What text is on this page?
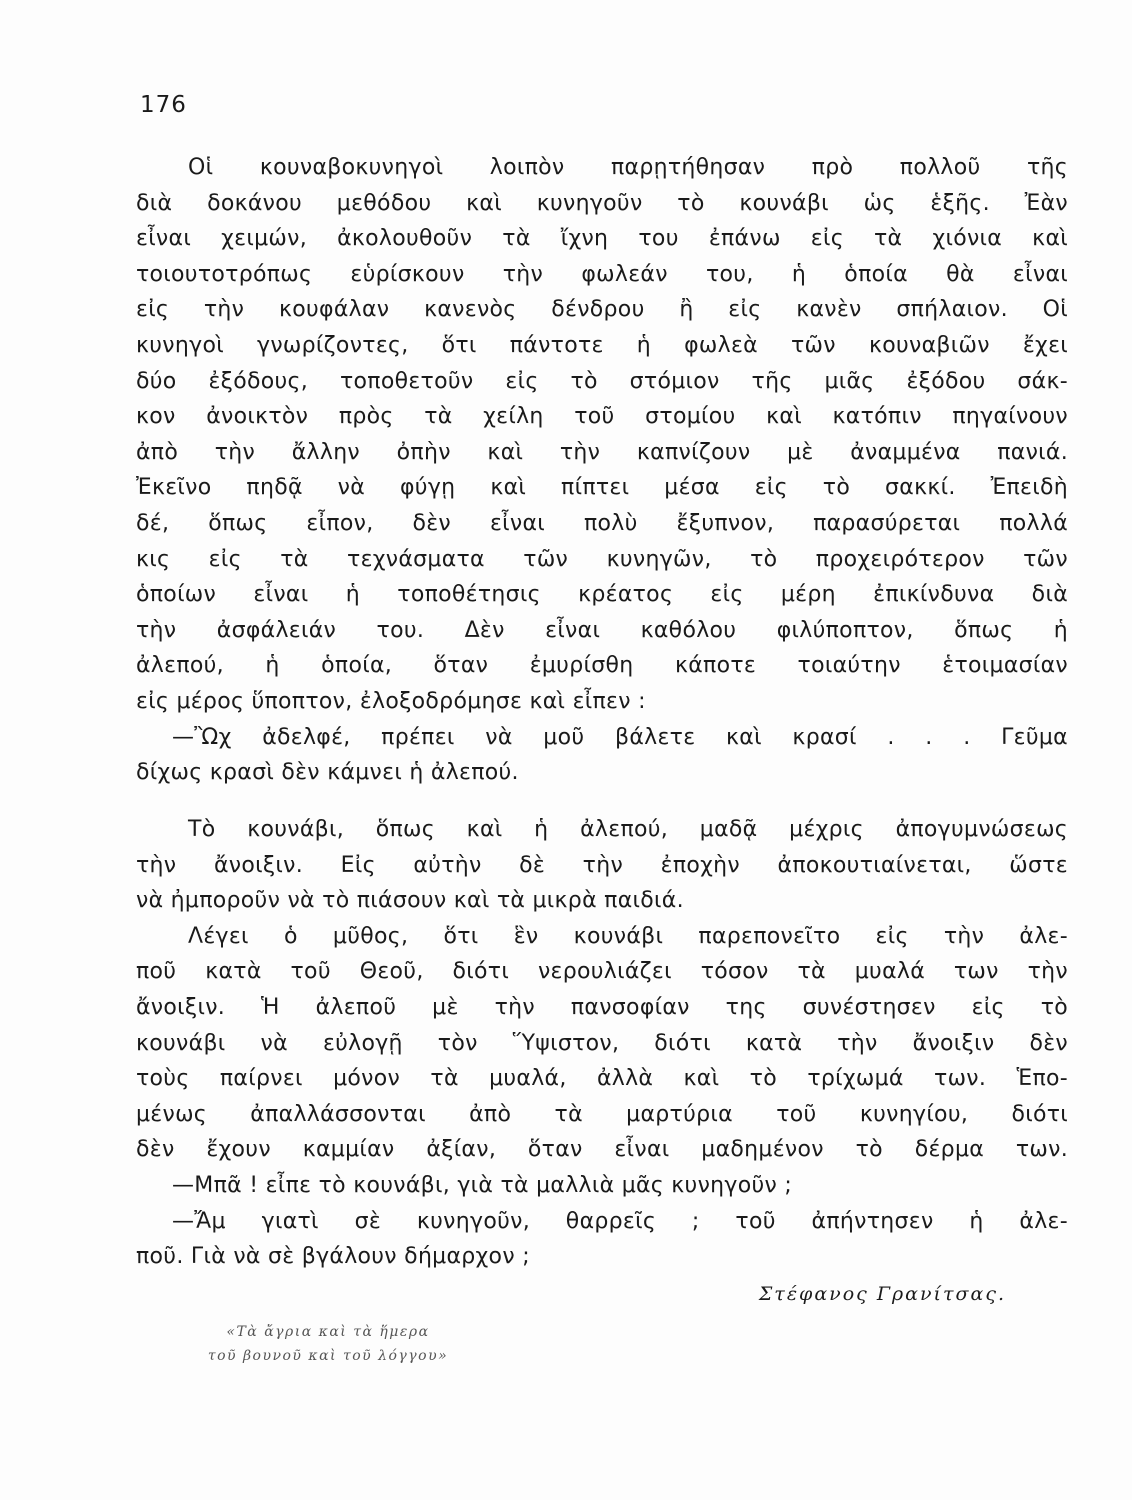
176
Οἱ κουναβοκυνηγοὶ λοιπὸν παρῃτήθησαν πρὸ πολλοῦ τῆς
διὰ δοκάνου μεθόδου καὶ κυνηγοῦν τὸ κουνάβι ὡς ἑξῆς. Ἐὰν
εἶναι χειμών, ἀκολουθοῦν τὰ ἴχνη του ἐπάνω εἰς τὰ χιόνια καὶ
τοιουτοτρόπως εὑρίσκουν τὴν φωλεάν του, ἡ ὁποία θὰ εἶναι
εἰς τὴν κουφάλαν κανενὸς δένδρου ἢ εἰς κανὲν σπήλαιον. Οἱ
κυνηγοὶ γνωρίζοντες, ὅτι πάντοτε ἡ φωλεὰ τῶν κουναβιῶν ἔχει
δύο ἐξόδους, τοποθετοῦν εἰς τὸ στόμιον τῆς μιᾶς ἐξόδου σάκ-
κον ἀνοικτὸν πρὸς τὰ χείλη τοῦ στομίου καὶ κατόπιν πηγαίνουν
ἀπὸ τὴν ἄλλην ὀπὴν καὶ τὴν καπνίζουν μὲ ἀναμμένα πανιά.
Ἐκεῖνο πηδᾷ νὰ φύγῃ καὶ πίπτει μέσα εἰς τὸ σακκί. Ἐπειδὴ
δέ, ὅπως εἶπον, δὲν εἶναι πολὺ ἔξυπνον, παρασύρεται πολλά
κις εἰς τὰ τεχνάσματα τῶν κυνηγῶν, τὸ προχειρότερον τῶν
ὁποίων εἶναι ἡ τοποθέτησις κρέατος εἰς μέρη ἐπικίνδυνα διὰ
τὴν ἀσφάλειάν του. Δὲν εἶναι καθόλου φιλύποπτον, ὅπως ἡ
ἀλεπού, ἡ ὁποία, ὅταν ἐμυρίσθη κάποτε τοιαύτην ἑτοιμασίαν
εἰς μέρος ὕποπτον, ἐλοξοδρόμησε καὶ εἶπεν :
—Ὢχ ἀδελφέ, πρέπει νὰ μοῦ βάλετε καὶ κρασί . . . Γεῦμα
δίχως κρασὶ δὲν κάμνει ἡ ἀλεπού.
Τὸ κουνάβι, ὅπως καὶ ἡ ἀλεπού, μαδᾷ μέχρις ἀπογυμνώσεως
τὴν ἄνοιξιν. Εἰς αὐτὴν δὲ τὴν ἐποχὴν ἀποκουτιαίνεται, ὥστε
νὰ ἠμποροῦν νὰ τὸ πιάσουν καὶ τὰ μικρὰ παιδιά.
Λέγει ὁ μῦθος, ὅτι ἓν κουνάβι παρεπονεῖτο εἰς τὴν ἀλε-
ποῦ κατὰ τοῦ Θεοῦ, διότι νερουλιάζει τόσον τὰ μυαλά των τὴν
ἄνοιξιν. Ἡ ἀλεποῦ μὲ τὴν πανσοφίαν της συνέστησεν εἰς τὸ
κουνάβι νὰ εὐλογῇ τὸν Ὕψιστον, διότι κατὰ τὴν ἄνοιξιν δὲν
τοὺς παίρνει μόνον τὰ μυαλά, ἀλλὰ καὶ τὸ τρίχωμά των. Ἑπο-
μένως ἀπαλλάσσονται ἀπὸ τὰ μαρτύρια τοῦ κυνηγίου, διότι
δὲν ἔχουν καμμίαν ἀξίαν, ὅταν εἶναι μαδημένον τὸ δέρμα των.
—Μπᾶ ! εἶπε τὸ κουνάβι, γιὰ τὰ μαλλιὰ μᾶς κυνηγοῦν ;
—Ἄμ γιατὶ σὲ κυνηγοῦν, θαρρεῖς ; τοῦ ἀπήντησεν ἡ ἀλε-
ποῦ. Γιὰ νὰ σὲ βγάλουν δήμαρχον ;
Στέφανος Γρανίτσας.
«Τὰ ἄγρια καὶ τὰ ἥμερα
τοῦ βουνοῦ καὶ τοῦ λόγγου»
